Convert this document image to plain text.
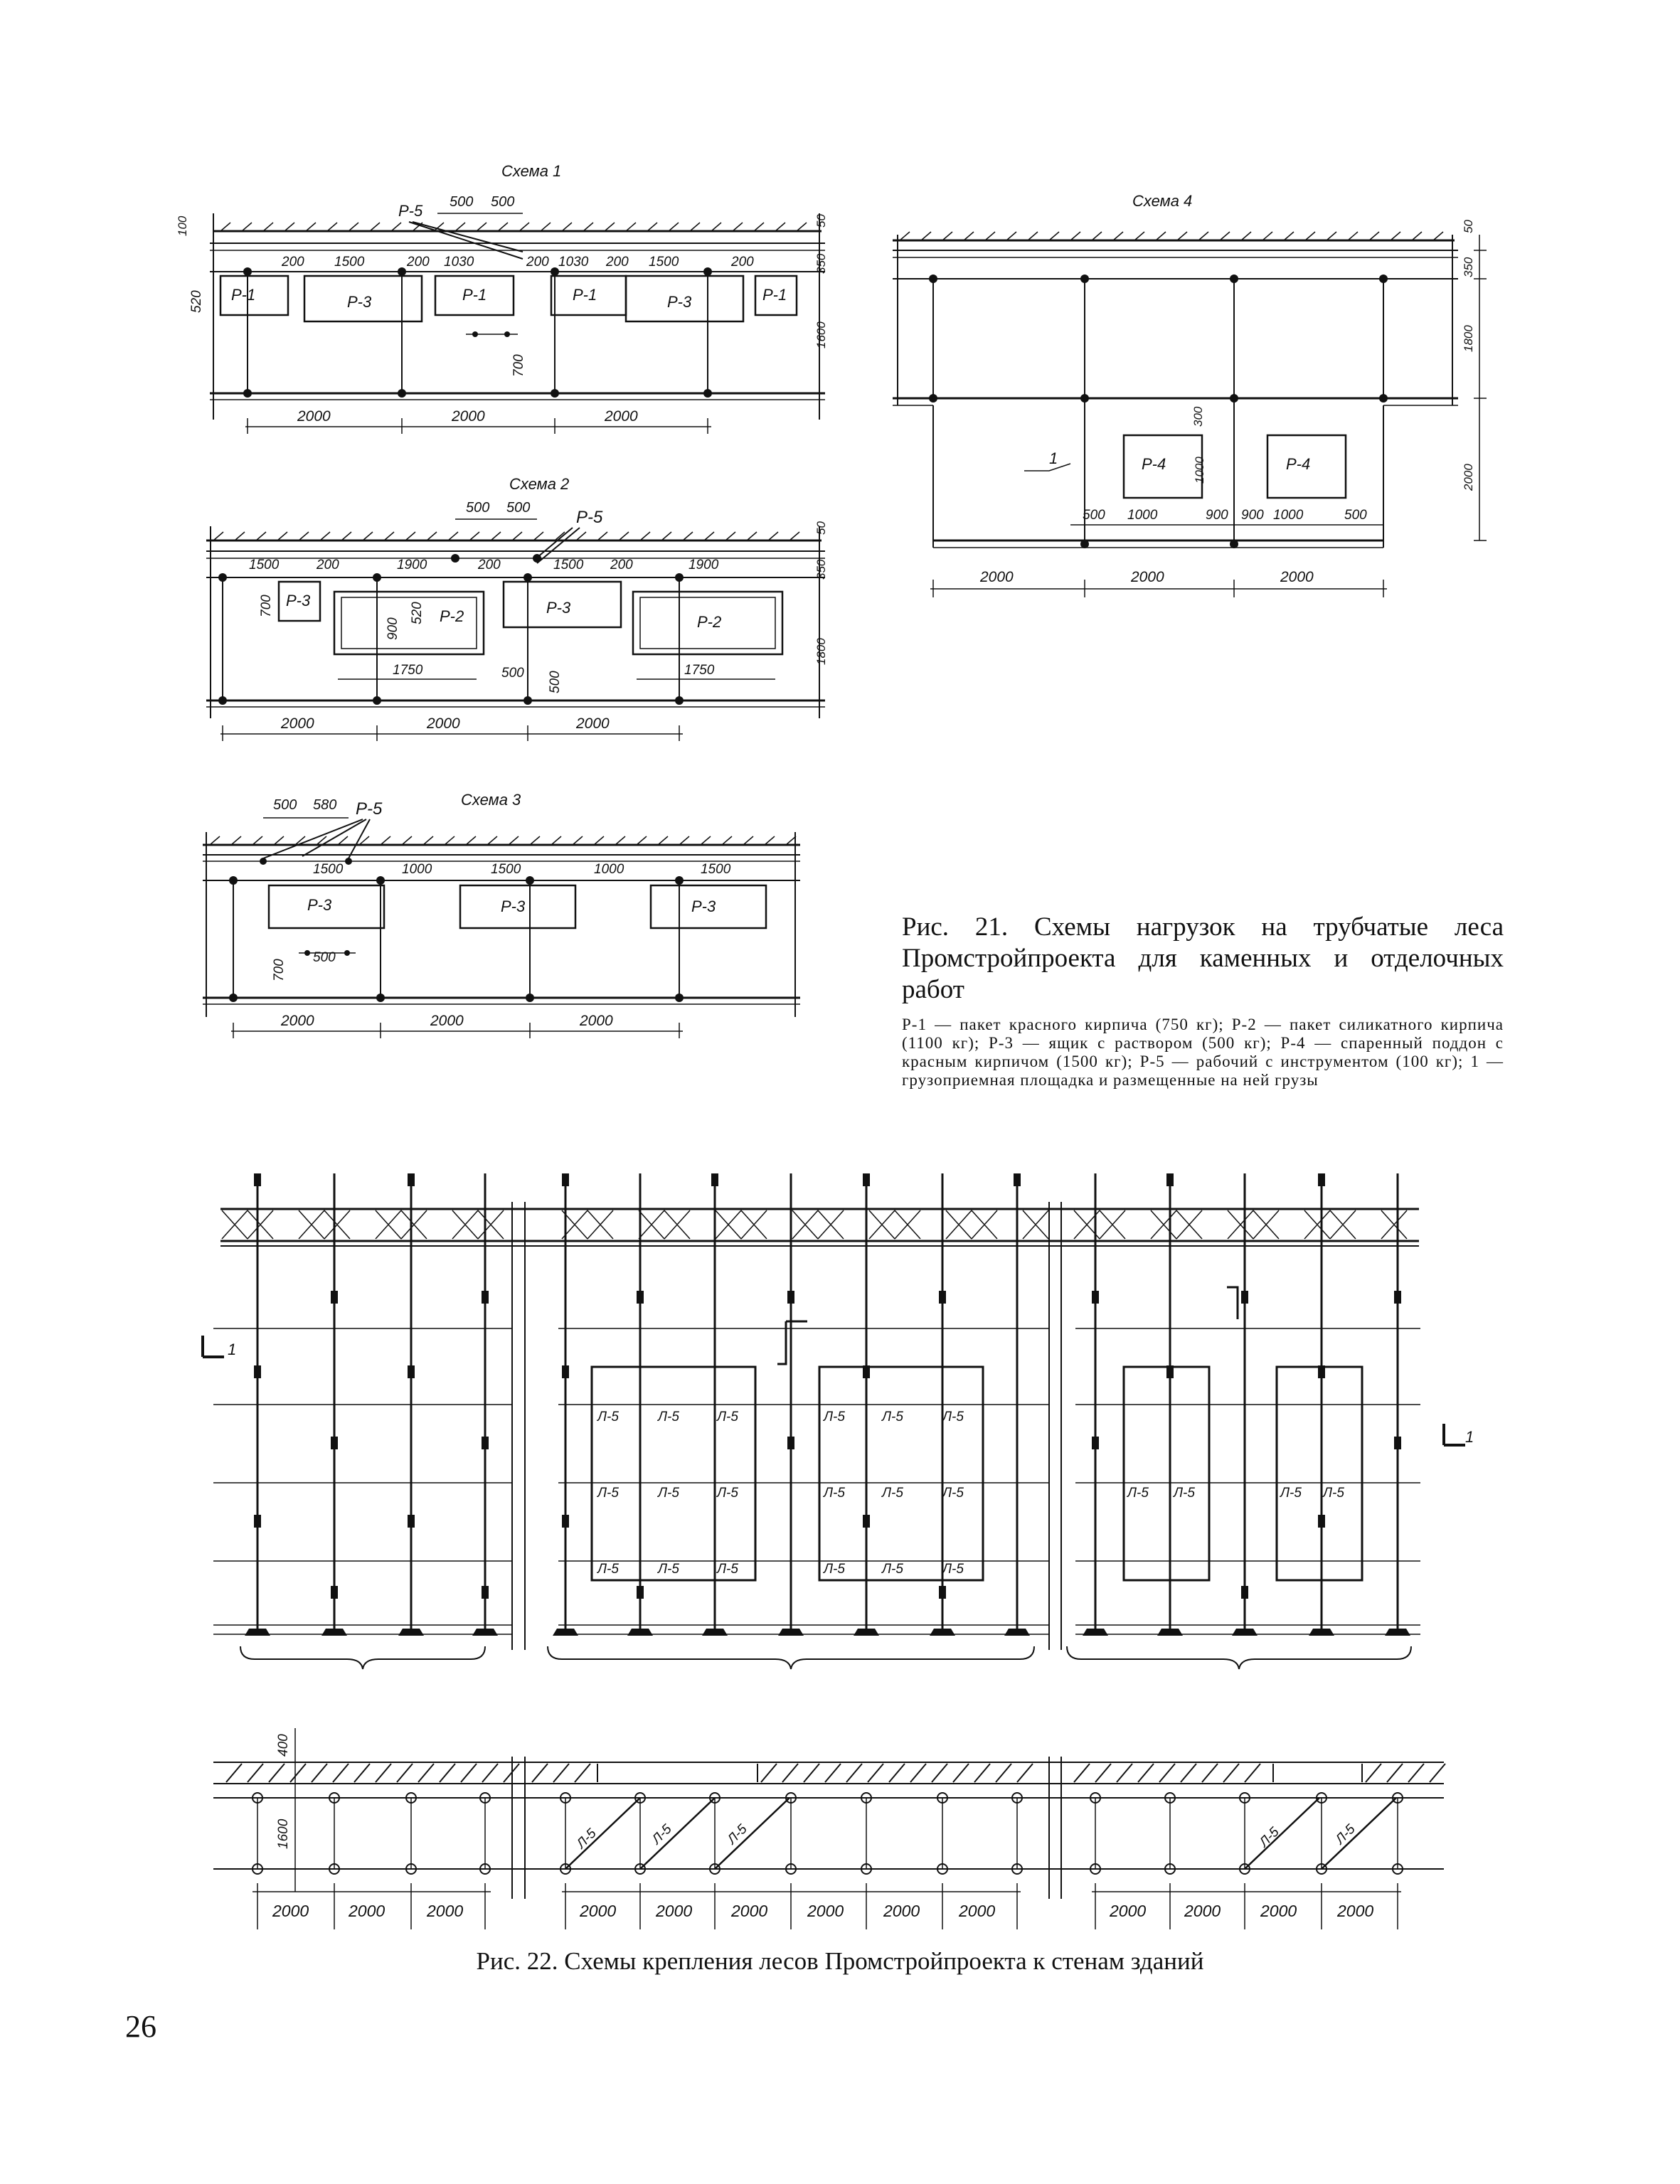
Схема 1
Р-1	Р-3	Р-1	Р-1	Р-3	Р-1
500 500
Р-5
200 1500	200 1030	200 1030 200 1500	200
520
700
100	50
350
1600
2000	2000	2000
Схема 2
Р-3
Р-2	Р-3
Р-2
500 500	Р-5
1500	200	1900	200	1500 200	1900
700
900
520
1750	500 500
1750
50
350
1800
2000	2000	2000
Схема 3
Р-3	Р-3	Р-3
500 580 Р-5
1500	1000	1500	1000	1500
700
500
2000	2000	2000
Схема 4
Р-4	Р-4
1
500 1000	900 900 1000	500
300
1000
50
350
1800
2000
2000	2000	2000

Рис. 21. Схемы нагрузок на трубчатые леса Промстройпроекта для каменных и отделочных работ

Р-1 — пакет красного кирпича (750 кг); Р-2 — пакет силикатного кирпича (1100 кг); Р-3 — ящик с раствором (500 кг); Р-4 — спаренный поддон с красным кирпичом (1500 кг); Р-5 — рабочий с инструментом (100 кг); 1 — грузоприемная площадка и размещенные на ней грузы

Л-5	Л-5	Л-5	Л-5	Л-5	Л-5
Л-5	Л-5	Л-5	Л-5	Л-5	Л-5	Л-5 Л-5	Л-5 Л-5
Л-5	Л-5	Л-5	Л-5	Л-5	Л-5
1
1
Л-5	Л-5	Л-5	Л-5	Л-5
400
1600
2000 2000	2000	2000 2000 2000 2000 2000 2000	2000 2000 2000 2000
Рис. 22. Схемы крепления лесов Промстройпроекта к стенам зданий
26
